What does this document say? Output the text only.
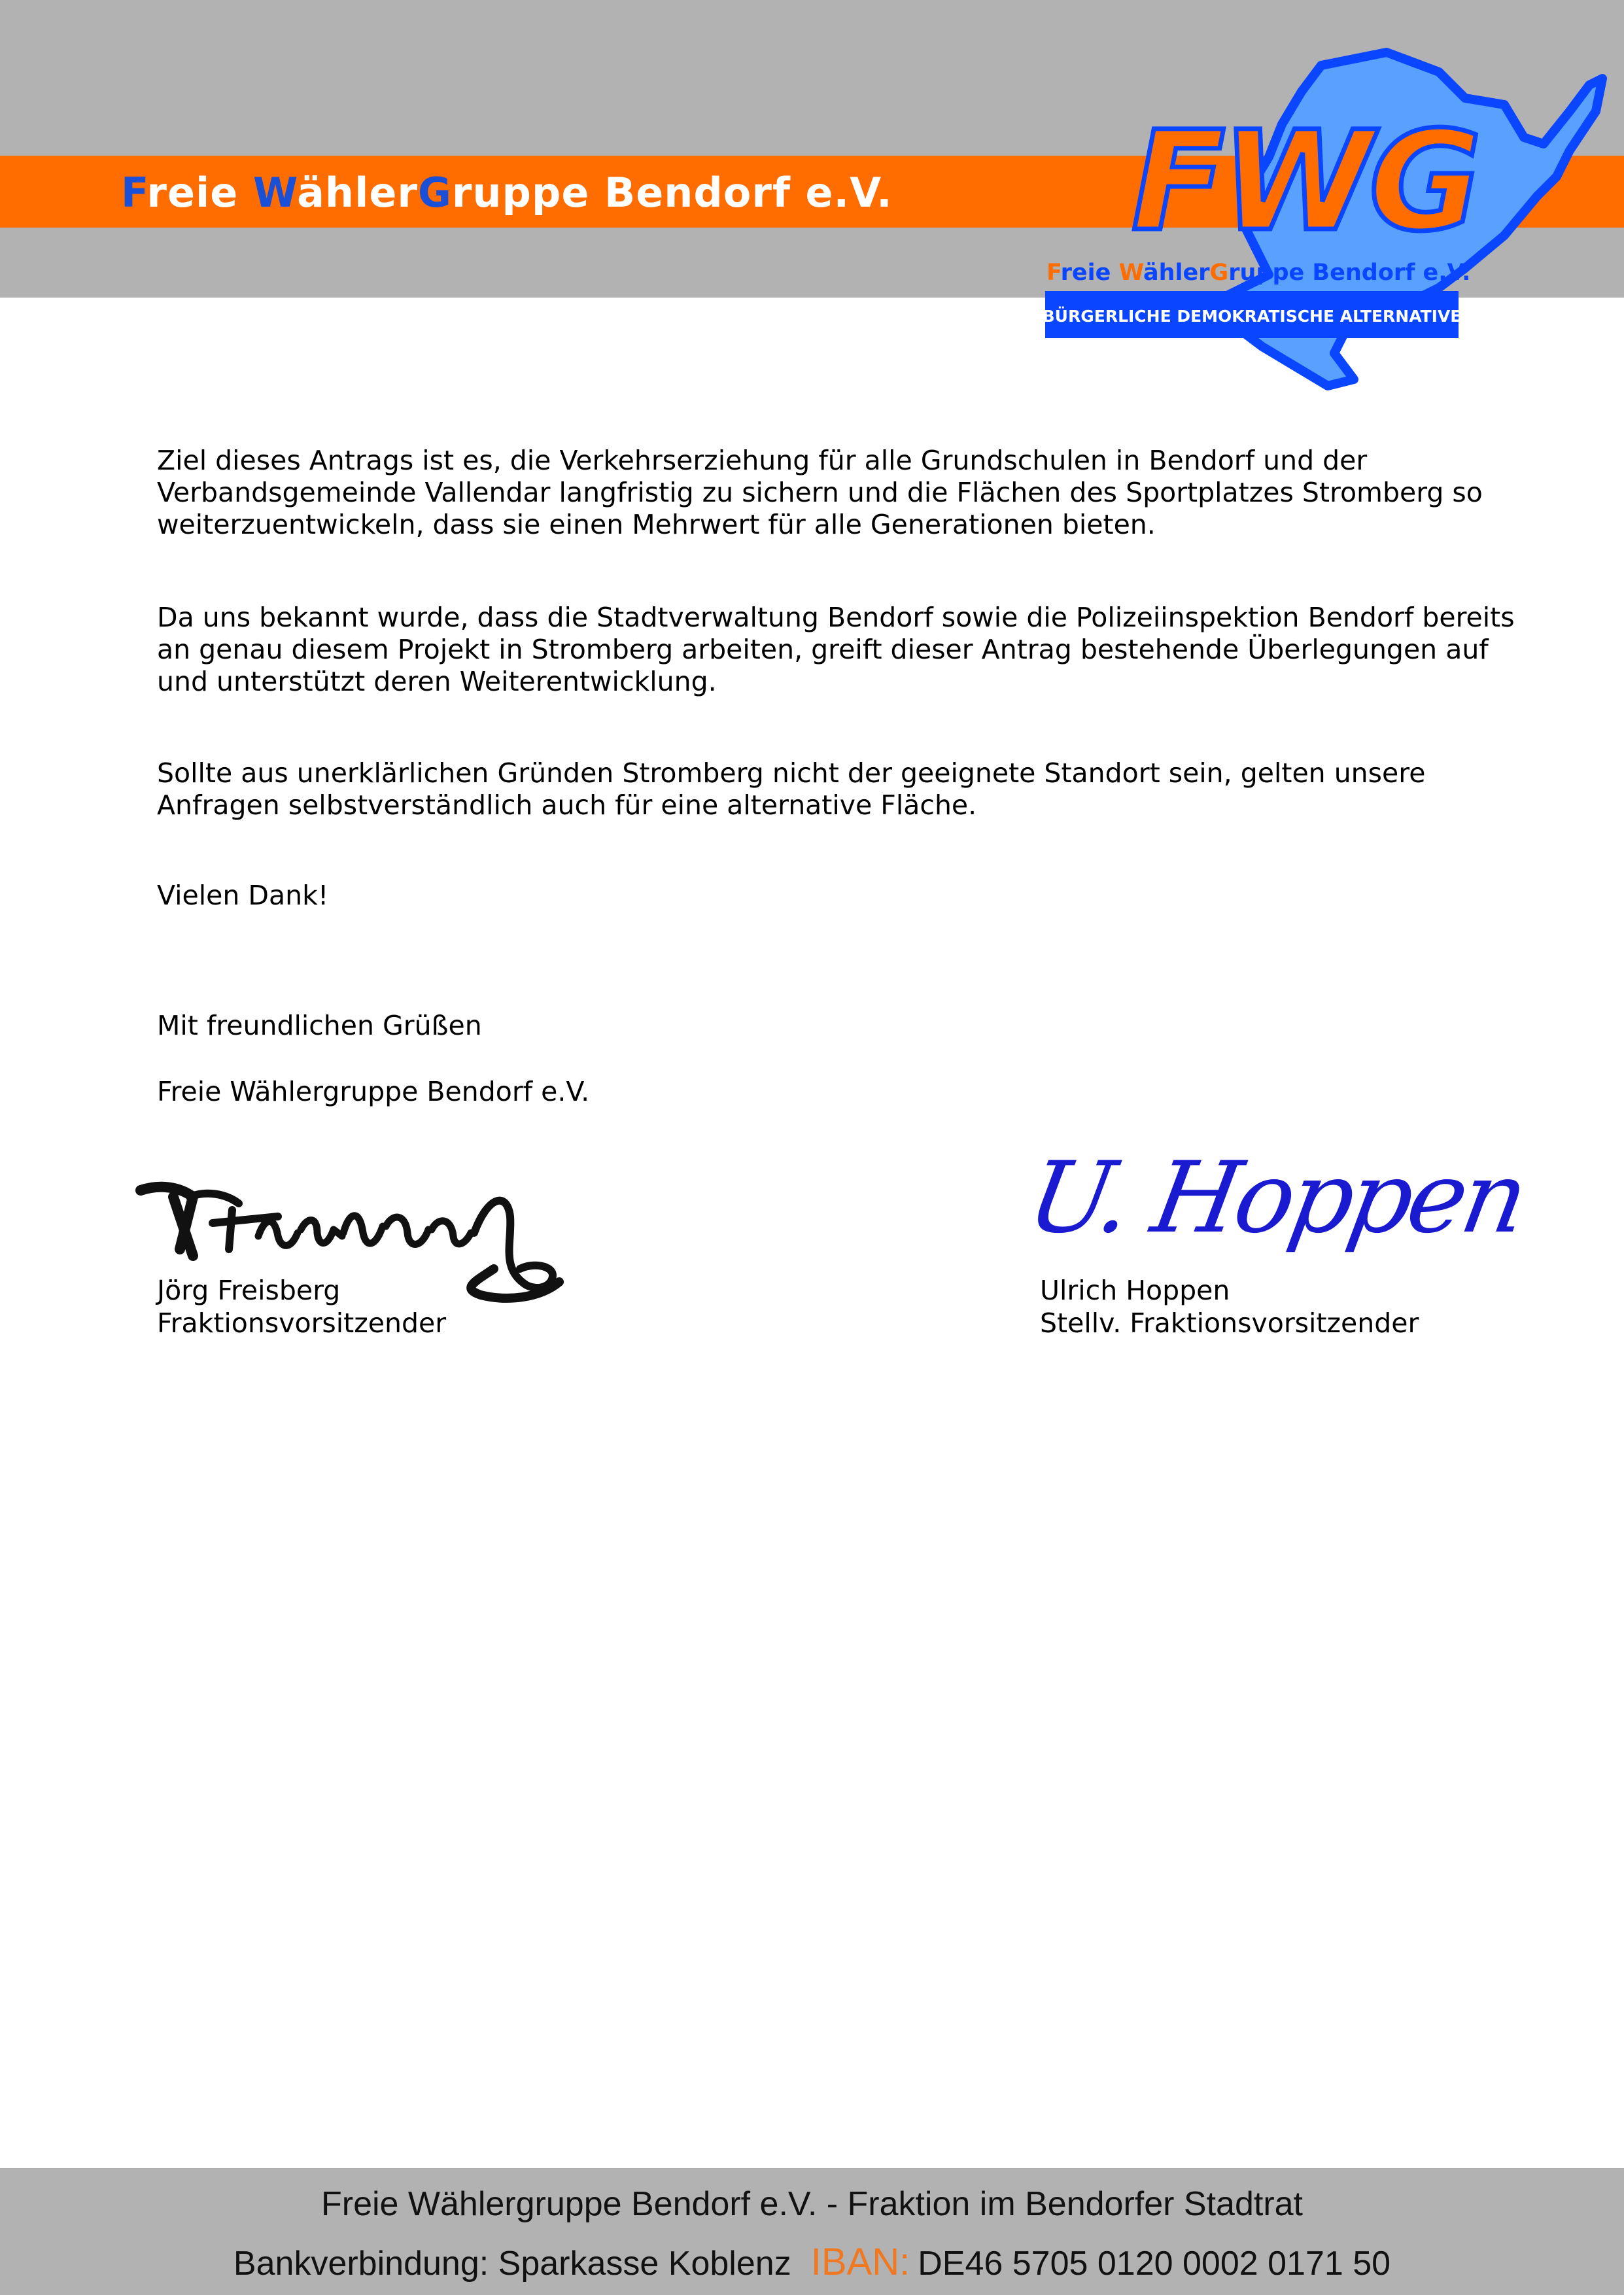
Freie WählerGruppe Bendorf e.V. FWG
Freie WählerGruppe Bendorf e.V.
BÜRGERLICHE DEMOKRATISCHE ALTERNATIVE

Ziel dieses Antrags ist es, die Verkehrserziehung für alle Grundschulen in Bendorf und der Verbandsgemeinde Vallendar langfristig zu sichern und die Flächen des Sportplatzes Stromberg so weiterzuentwickeln, dass sie einen Mehrwert für alle Generationen bieten.

Da uns bekannt wurde, dass die Stadtverwaltung Bendorf sowie die Polizeiinspektion Bendorf bereits an genau diesem Projekt in Stromberg arbeiten, greift dieser Antrag bestehende Überlegungen auf und unterstützt deren Weiterentwicklung.

Sollte aus unerklärlichen Gründen Stromberg nicht der geeignete Standort sein, gelten unsere Anfragen selbstverständlich auch für eine alternative Fläche.

Vielen Dank!

Mit freundlichen Grüßen

Freie Wählergruppe Bendorf e.V.

U. Hoppen
Jörg Freisberg
Fraktionsvorsitzender
Ulrich Hoppen
Stellv. Fraktionsvorsitzender
Freie Wählergruppe Bendorf e.V. - Fraktion im Bendorfer Stadtrat
Bankverbindung: Sparkasse Koblenz IBAN: DE46 5705 0120 0002 0171 50
